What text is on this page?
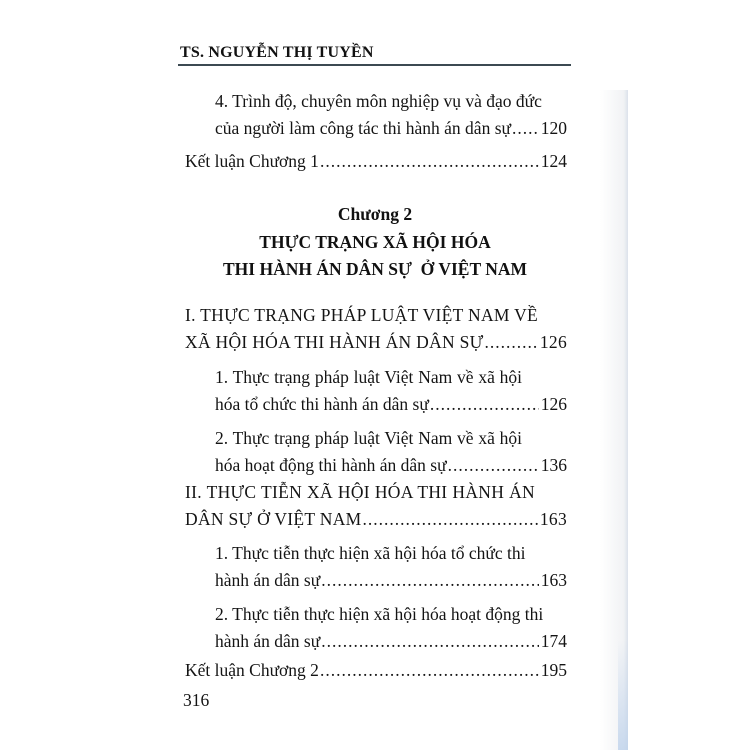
TS. NGUYỄN THỊ TUYỀN
4. Trình độ, chuyên môn nghiệp vụ và đạo đức
của người làm công tác thi hành án dân sự ..... 120
Kết luận Chương 1 .....	124
Chương 2
THỰC TRẠNG XÃ HỘI HÓA
THI HÀNH ÁN DÂN SỰ  Ở VIỆT NAM
I. THỰC TRẠNG PHÁP LUẬT VIỆT NAM VỀ
XÃ HỘI HÓA THI HÀNH ÁN DÂN SỰ .....	126
1. Thực trạng pháp luật Việt Nam về xã hội
hóa tổ chức thi hành án dân sự .....	126
2. Thực trạng pháp luật Việt Nam về xã hội
hóa hoạt động thi hành án dân sự .....	136
II. THỰC TIỄN XÃ HỘI HÓA THI HÀNH ÁN
DÂN SỰ Ở VIỆT NAM .....	163
1. Thực tiễn thực hiện xã hội hóa tổ chức thi
hành án dân sự .....	163
2. Thực tiễn thực hiện xã hội hóa hoạt động thi
hành án dân sự .....	174
Kết luận Chương 2 .....	195
316
